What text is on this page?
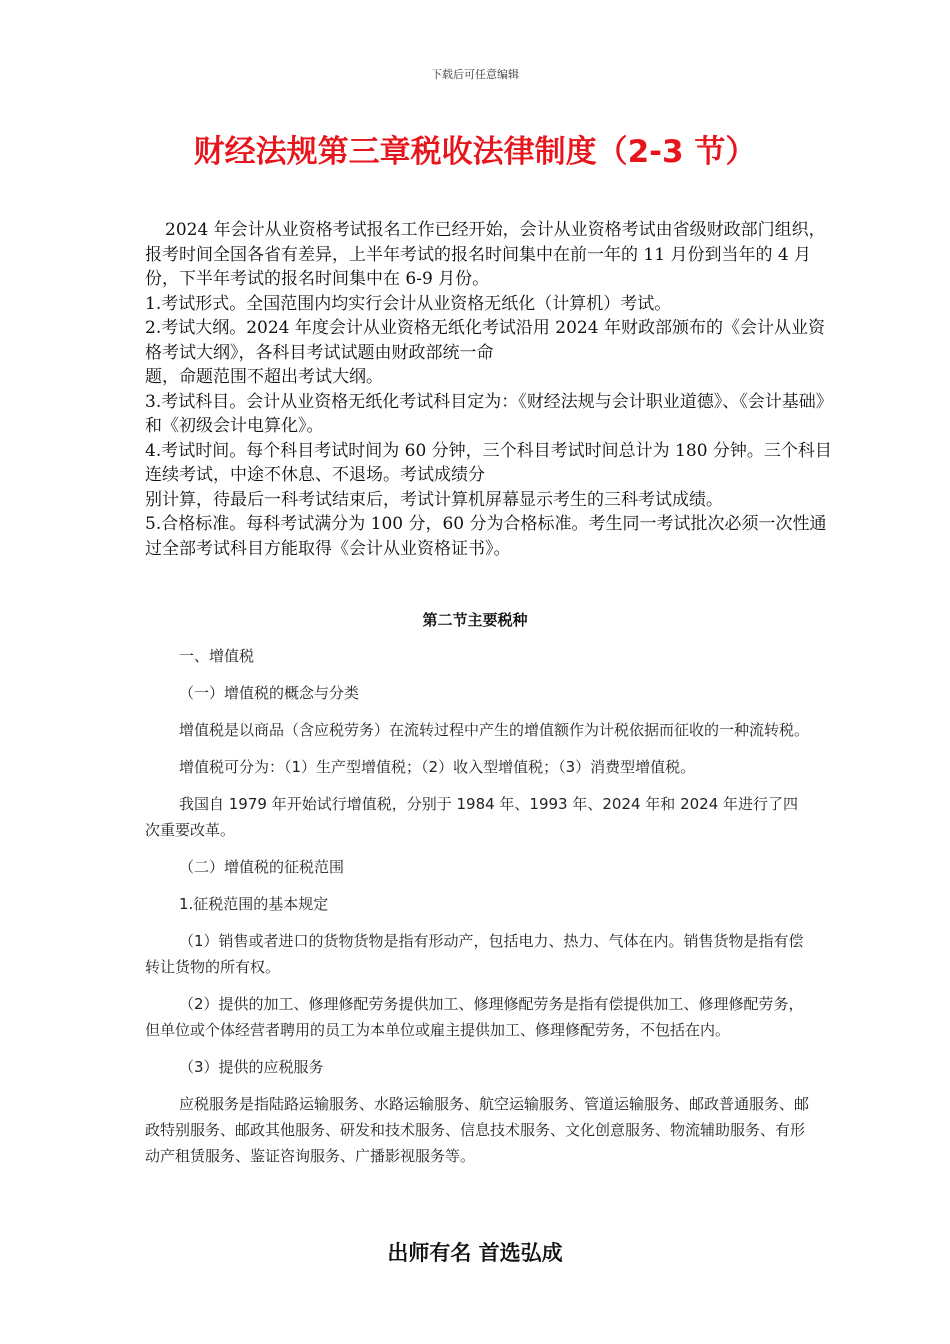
下载后可任意编辑
财经法规第三章税收法律制度（2-3 节）

2024 年会计从业资格考试报名工作已经开始，会计从业资格考试由省级财政部门组织，报考时间全国各省有差异，上半年考试的报名时间集中在前一年的 11 月份到当年的 4 月份，下半年考试的报名时间集中在 6-9 月份。

1.考试形式。全国范围内均实行会计从业资格无纸化（计算机）考试。

2.考试大纲。2024 年度会计从业资格无纸化考试沿用 2024 年财政部颁布的《会计从业资格考试大纲》，各科目考试试题由财政部统一命

题，命题范围不超出考试大纲。

3.考试科目。会计从业资格无纸化考试科目定为：《财经法规与会计职业道德》、《会计基础》和《初级会计电算化》。

4.考试时间。每个科目考试时间为 60 分钟，三个科目考试时间总计为 180 分钟。三个科目连续考试，中途不休息、不退场。考试成绩分

别计算，待最后一科考试结束后，考试计算机屏幕显示考生的三科考试成绩。

5.合格标准。每科考试满分为 100 分，60 分为合格标准。考生同一考试批次必须一次性通过全部考试科目方能取得《会计从业资格证书》。

第二节主要税种

一、增值税

（一）增值税的概念与分类

增值税是以商品（含应税劳务）在流转过程中产生的增值额作为计税依据而征收的一种流转税。

增值税可分为：（1）生产型增值税；（2）收入型增值税；（3）消费型增值税。

我国自 1979 年开始试行增值税，分别于 1984 年、1993 年、2024 年和 2024 年进行了四次重要改革。

（二）增值税的征税范围

1.征税范围的基本规定

（1）销售或者进口的货物货物是指有形动产，包括电力、热力、气体在内。销售货物是指有偿转让货物的所有权。

（2）提供的加工、修理修配劳务提供加工、修理修配劳务是指有偿提供加工、修理修配劳务，但单位或个体经营者聘用的员工为本单位或雇主提供加工、修理修配劳务，不包括在内。

（3）提供的应税服务

应税服务是指陆路运输服务、水路运输服务、航空运输服务、管道运输服务、邮政普通服务、邮政特别服务、邮政其他服务、研发和技术服务、信息技术服务、文化创意服务、物流辅助服务、有形动产租赁服务、鉴证咨询服务、广播影视服务等。

出师有名 首选弘成
